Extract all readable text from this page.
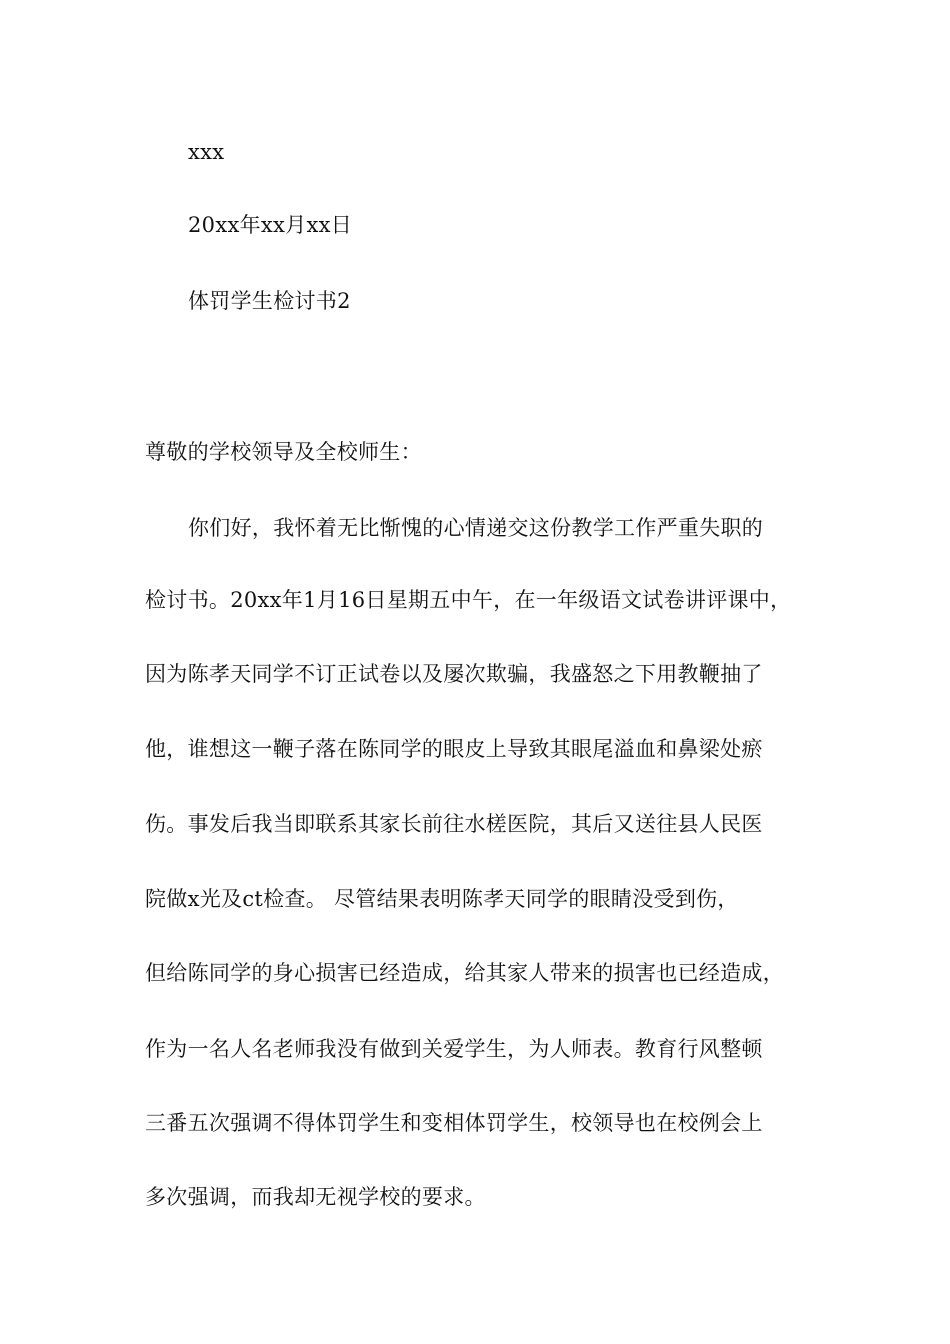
xxx

20xx年xx月xx日

体罚学生检讨书2

尊敬的学校领导及全校师生：

你们好，我怀着无比惭愧的心情递交这份教学工作严重失职的

检讨书。20xx年1月16日星期五中午，在一年级语文试卷讲评课中，

因为陈孝天同学不订正试卷以及屡次欺骗，我盛怒之下用教鞭抽了

他，谁想这一鞭子落在陈同学的眼皮上导致其眼尾溢血和鼻梁处瘀

伤。事发后我当即联系其家长前往水槎医院，其后又送往县人民医

院做x光及ct检查。 尽管结果表明陈孝天同学的眼睛没受到伤，

但给陈同学的身心损害已经造成，给其家人带来的损害也已经造成，

作为一名人名老师我没有做到关爱学生，为人师表。教育行风整顿

三番五次强调不得体罚学生和变相体罚学生，校领导也在校例会上

多次强调，而我却无视学校的要求。
